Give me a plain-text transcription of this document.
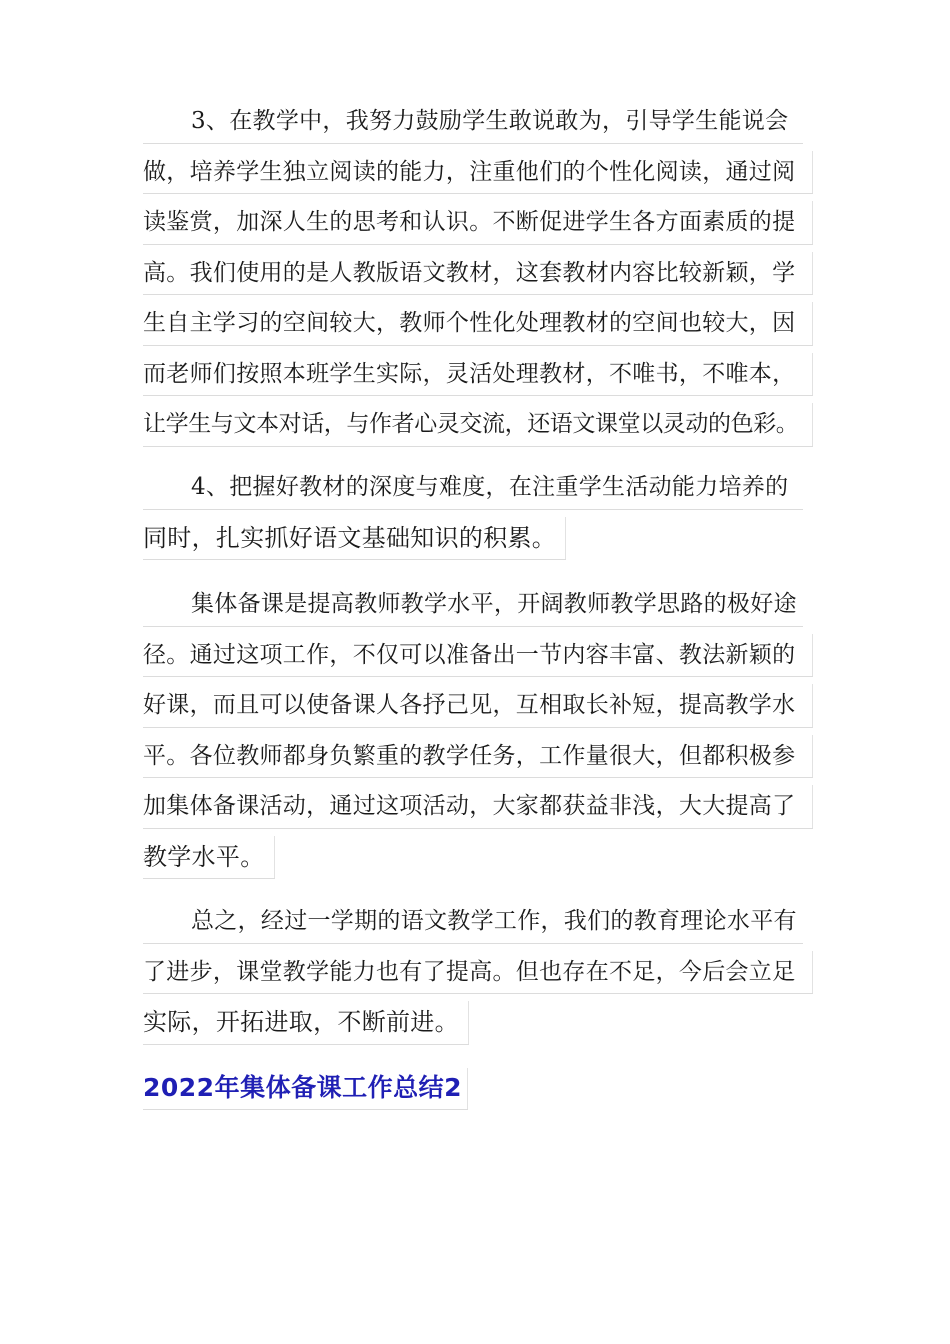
3、在教学中，我努力鼓励学生敢说敢为，引导学生能说会
做，培养学生独立阅读的能力，注重他们的个性化阅读，通过阅
读鉴赏，加深人生的思考和认识。不断促进学生各方面素质的提
高。我们使用的是人教版语文教材，这套教材内容比较新颖，学
生自主学习的空间较大，教师个性化处理教材的空间也较大，因
而老师们按照本班学生实际，灵活处理教材，不唯书，不唯本，
让学生与文本对话，与作者心灵交流，还语文课堂以灵动的色彩。
4、把握好教材的深度与难度，在注重学生活动能力培养的
同时，扎实抓好语文基础知识的积累。
集体备课是提高教师教学水平，开阔教师教学思路的极好途
径。通过这项工作，不仅可以准备出一节内容丰富、教法新颖的
好课，而且可以使备课人各抒己见，互相取长补短，提高教学水
平。各位教师都身负繁重的教学任务，工作量很大，但都积极参
加集体备课活动，通过这项活动，大家都获益非浅，大大提高了
教学水平。
总之，经过一学期的语文教学工作，我们的教育理论水平有
了进步，课堂教学能力也有了提高。但也存在不足，今后会立足
实际，开拓进取，不断前进。
2022年集体备课工作总结2
